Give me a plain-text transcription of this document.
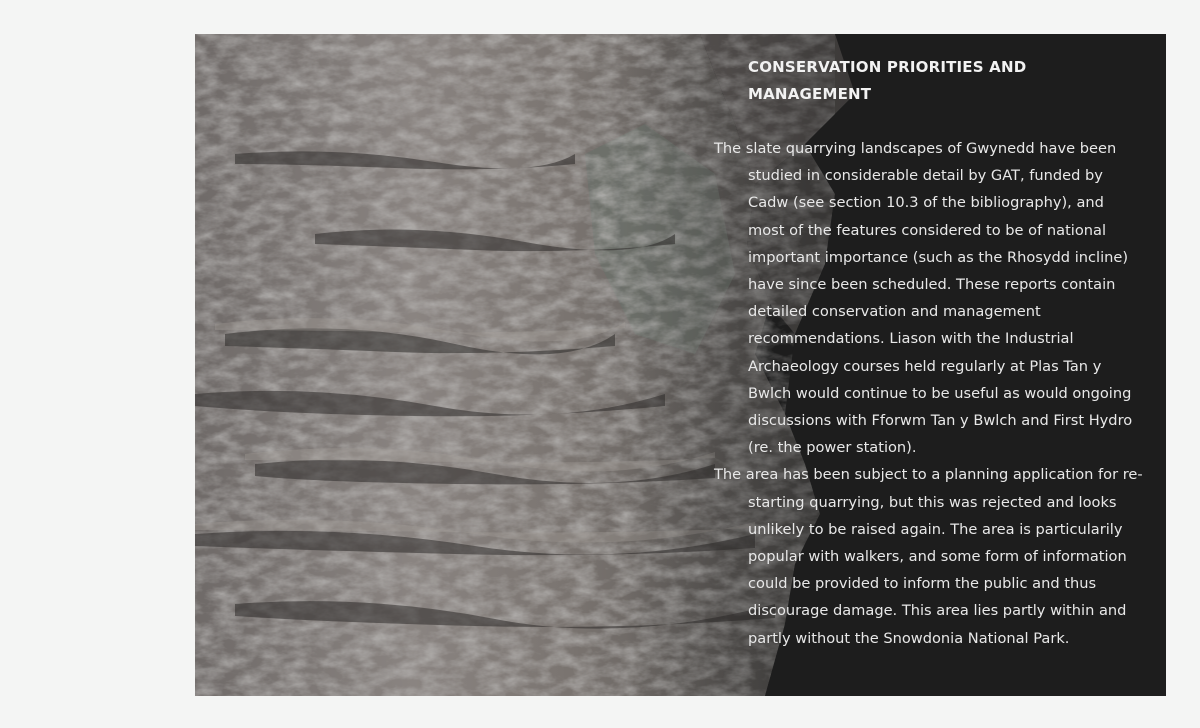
CONSERVATION PRIORITIES AND MANAGEMENT

The slate quarrying landscapes of Gwynedd have been studied in considerable detail by GAT, funded by Cadw (see section 10.3 of the bibliography), and most of the features considered to be of national important importance (such as the Rhosydd incline) have since been scheduled. These reports contain detailed conservation and management recommendations. Liason with the Industrial Archaeology courses held regularly at Plas Tan y Bwlch would continue to be useful as would ongoing discussions with Fforwm Tan y Bwlch and First Hydro (re. the power station).

The area has been subject to a planning application for re-starting quarrying, but this was rejected and looks unlikely to be raised again. The area is particularily popular with walkers, and some form of information could be provided to inform the public and thus discourage damage. This area lies partly within and partly without the Snowdonia National Park.
